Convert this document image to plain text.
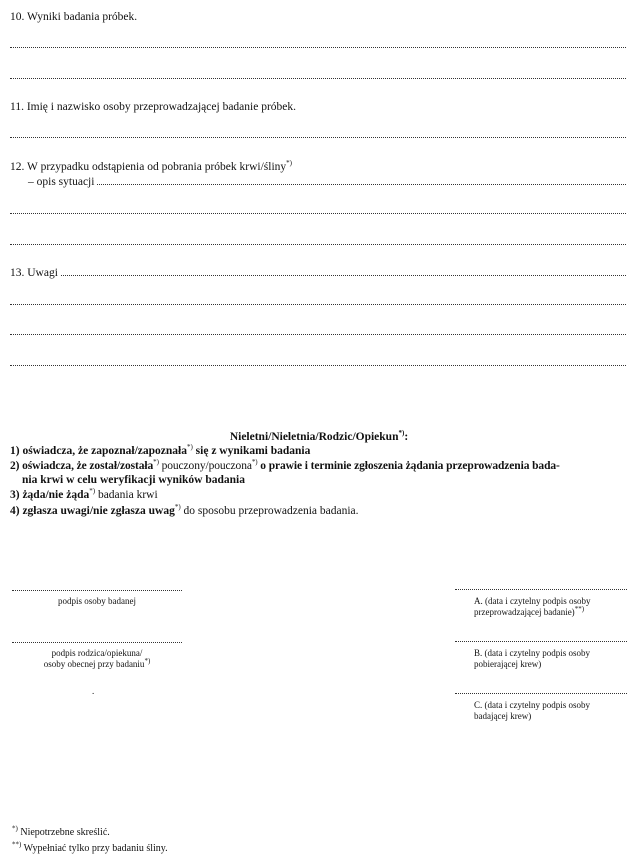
10. Wyniki badania próbek.
11. Imię i nazwisko osoby przeprowadzającej badanie próbek.
12. W przypadku odstąpienia od pobrania próbek krwi/śliny*)
– opis sytuacji
13. Uwagi
Nieletni/Nieletnia/Rodzic/Opiekun*):
1) oświadcza, że zapoznał/zapoznała*) się z wynikami badania
2) oświadcza, że został/została*) pouczony/pouczona*) o prawie i terminie zgłoszenia żądania przeprowadzenia bada-
nia krwi w celu weryfikacji wyników badania
3) żąda/nie żąda*) badania krwi
4) zgłasza uwagi/nie zgłasza uwag*) do sposobu przeprowadzenia badania.
podpis osoby badanej
podpis rodzica/opiekuna/
osoby obecnej przy badaniu*)
.
A. (data i czytelny podpis osoby
przeprowadzającej badanie)**)
B. (data i czytelny podpis osoby
pobierającej krew)
C. (data i czytelny podpis osoby
badającej krew)
*) Niepotrzebne skreślić.
**) Wypełniać tylko przy badaniu śliny.
